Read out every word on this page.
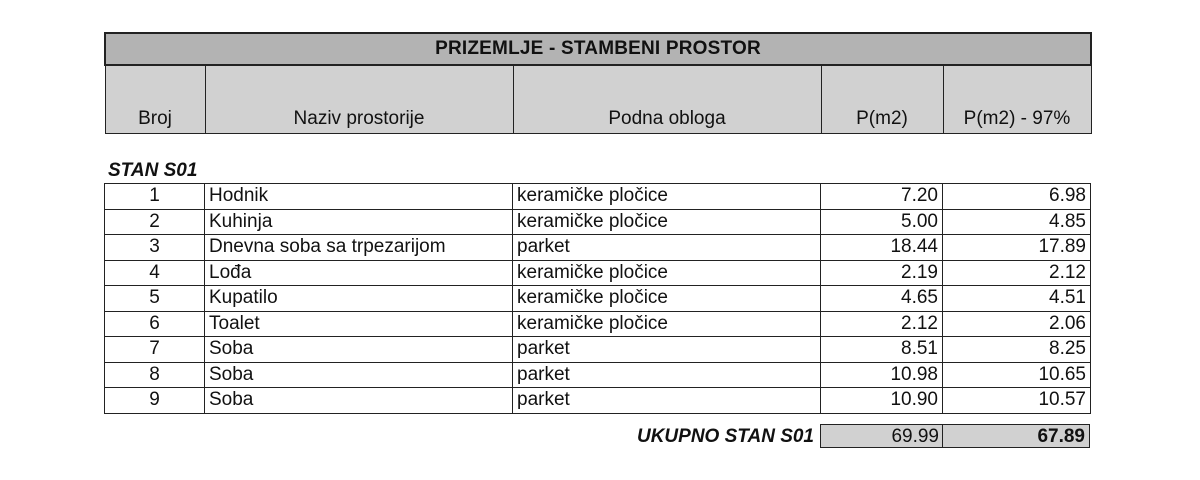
PRIZEMLJE - STAMBENI PROSTOR
Broj	Naziv prostorije	Podna obloga	P(m2)	P(m2) - 97%
STAN S01
1	Hodnik	keramičke pločice	7.20	6.98
2	Kuhinja	keramičke pločice	5.00	4.85
3	Dnevna soba sa trpezarijom	parket	18.44	17.89
4	Lođa	keramičke pločice	2.19	2.12
5	Kupatilo	keramičke pločice	4.65	4.51
6	Toalet	keramičke pločice	2.12	2.06
7	Soba	parket	8.51	8.25
8	Soba	parket	10.98	10.65
9	Soba	parket	10.90	10.57
UKUPNO STAN S01	69.99	67.89
